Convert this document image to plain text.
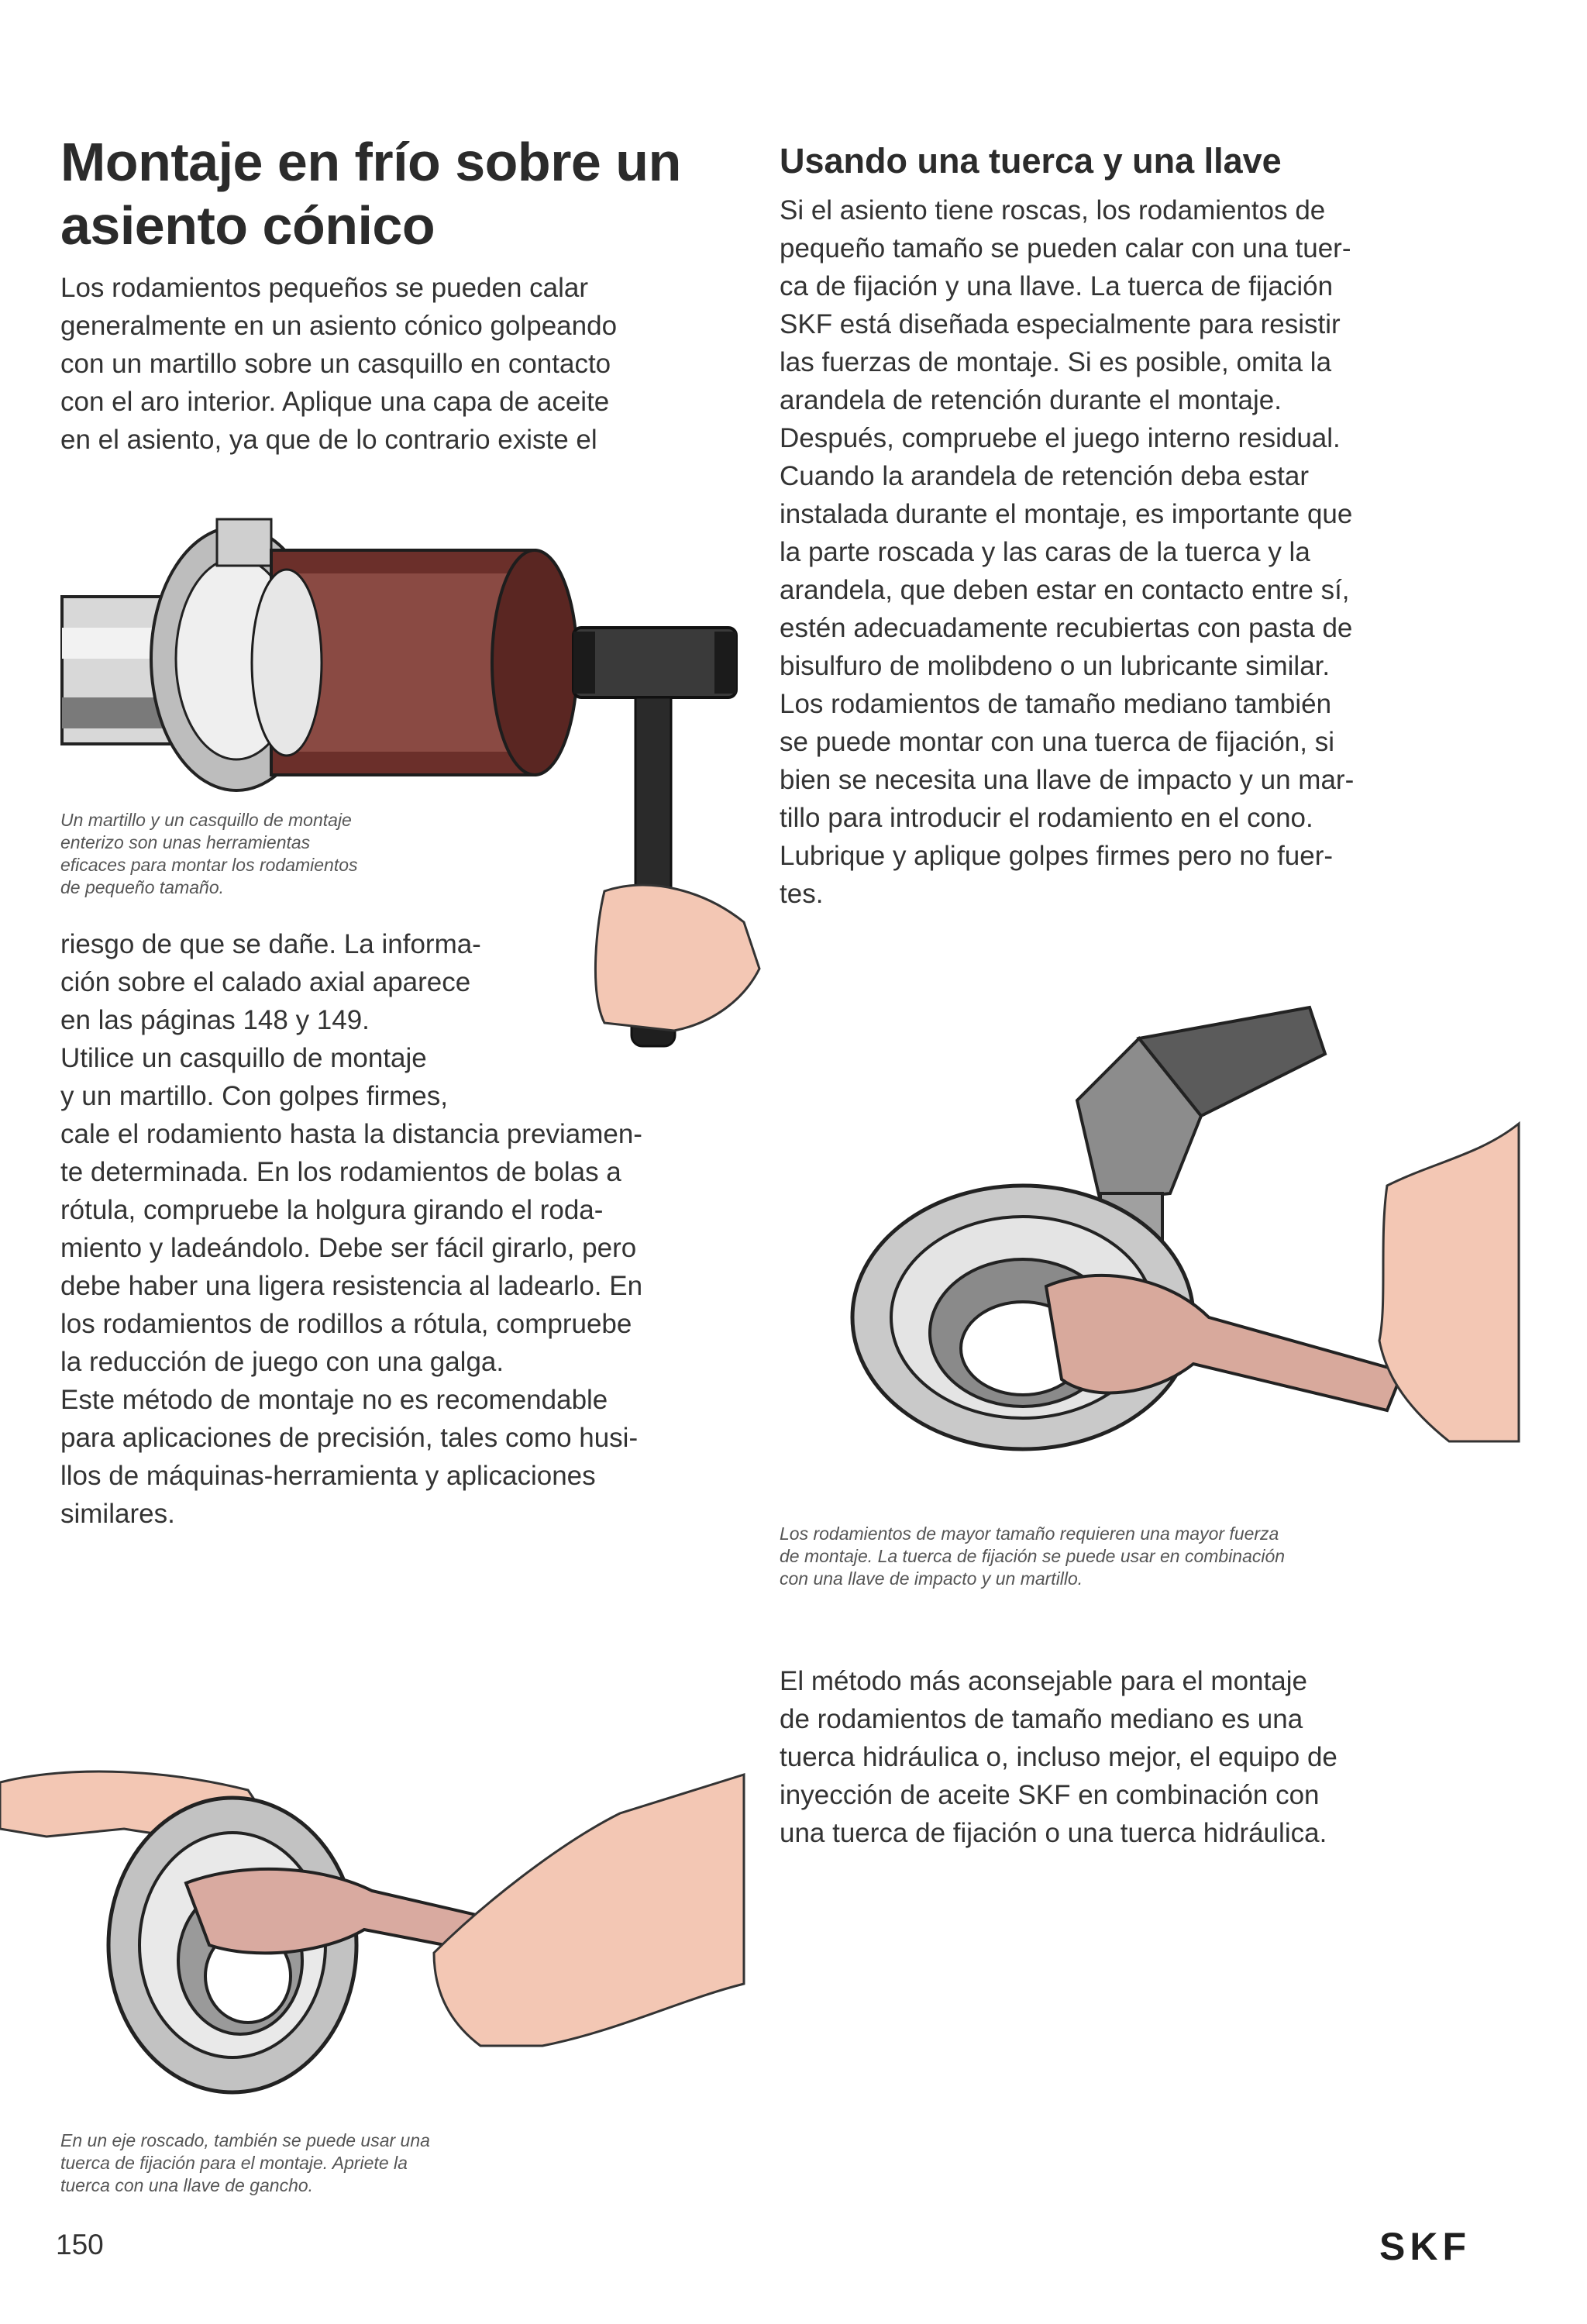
Montaje en frío sobre un
asiento cónico
Usando una tuerca y una llave
Los rodamientos pequeños se pueden calar
generalmente en un asiento cónico golpeando
con un martillo sobre un casquillo en contacto
con el aro interior. Aplique una capa de aceite
en el asiento, ya que de lo contrario existe el
Un martillo y un casquillo de montaje
enterizo son unas herramientas
eficaces para montar los rodamientos
de pequeño tamaño.
riesgo de que se dañe. La informa-
ción sobre el calado axial aparece
en las páginas 148 y 149.
Utilice un casquillo de montaje
y un martillo. Con golpes firmes,
cale el rodamiento hasta la distancia previamen-
te determinada. En los rodamientos de bolas a
rótula, compruebe la holgura girando el roda-
miento y ladeándolo. Debe ser fácil girarlo, pero
debe haber una ligera resistencia al ladearlo. En
los rodamientos de rodillos a rótula, compruebe
la reducción de juego con una galga.
Este método de montaje no es recomendable
para aplicaciones de precisión, tales como husi-
llos de máquinas-herramienta y aplicaciones
similares.
Si el asiento tiene roscas, los rodamientos de
pequeño tamaño se pueden calar con una tuer-
ca de fijación y una llave. La tuerca de fijación
SKF está diseñada especialmente para resistir
las fuerzas de montaje. Si es posible, omita la
arandela de retención durante el montaje.
Después, compruebe el juego interno residual.
Cuando la arandela de retención deba estar
instalada durante el montaje, es importante que
la parte roscada y las caras de la tuerca y la
arandela, que deben estar en contacto entre sí,
estén adecuadamente recubiertas con pasta de
bisulfuro de molibdeno o un lubricante similar.
Los rodamientos de tamaño mediano también
se puede montar con una tuerca de fijación, si
bien se necesita una llave de impacto y un mar-
tillo para introducir el rodamiento en el cono.
Lubrique y aplique golpes firmes pero no fuer-
tes.
Los rodamientos de mayor tamaño requieren una mayor fuerza
de montaje. La tuerca de fijación se puede usar en combinación
con una llave de impacto y un martillo.
El método más aconsejable para el montaje
de rodamientos de tamaño mediano es una
tuerca hidráulica o, incluso mejor, el equipo de
inyección de aceite SKF en combinación con
una tuerca de fijación o una tuerca hidráulica.
En un eje roscado, también se puede usar una
tuerca de fijación para el montaje. Apriete la
tuerca con una llave de gancho.
150	SKF
